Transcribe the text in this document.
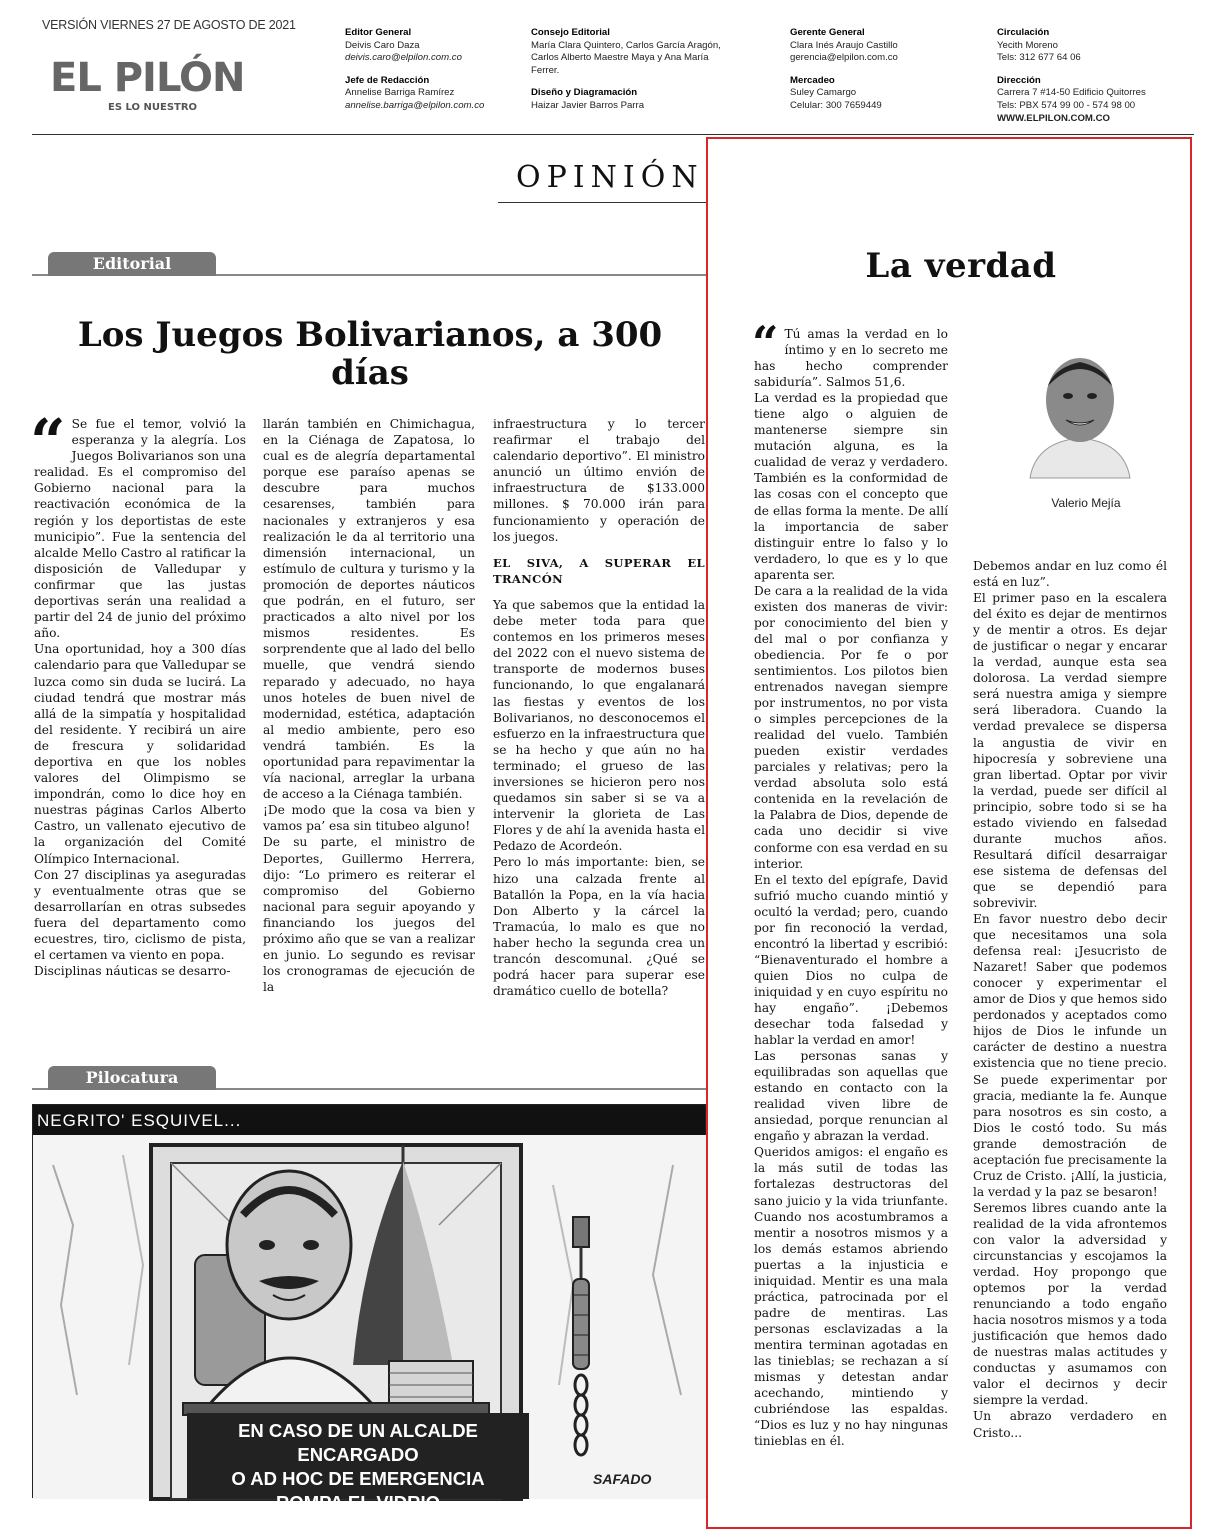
VERSIÓN VIERNES 27 DE AGOSTO DE 2021
EL PILÓN
ES LO NUESTRO
Editor General
Deivis Caro Daza
deivis.caro@elpilon.com.co
Jefe de Redacción
Annelise Barriga Ramírez
annelise.barriga@elpilon.com.co
Consejo Editorial
María Clara Quintero, Carlos García Aragón,
Carlos Alberto Maestre Maya y Ana María
Ferrer.
Diseño y Diagramación
Haizar Javier Barros Parra
Gerente General
Clara Inés Araujo Castillo
gerencia@elpilon.com.co
Mercadeo
Suley Camargo
Celular: 300 7659449
Circulación
Yecith Moreno
Tels: 312 677 64 06
Dirección
Carrera 7 #14-50 Edificio Quitorres
Tels: PBX 574 99 00 - 574 98 00
WWW.ELPILON.COM.CO
OPINIÓN
Editorial
Los Juegos Bolivarianos, a 300 días
“ Se fue el temor, volvió la esperanza y la alegría. Los Juegos Bolivarianos son una realidad. Es el compromiso del Gobierno nacional para la reactivación económica de la región y los deportistas de este municipio”. Fue la sentencia del alcalde Mello Castro al ratificar la disposición de Valledupar y confirmar que las justas deportivas serán una realidad a partir del 24 de junio del próximo año.

Una oportunidad, hoy a 300 días calendario para que Valledupar se luzca como sin duda se lucirá. La ciudad tendrá que mostrar más allá de la simpatía y hospitalidad del residente. Y recibirá un aire de frescura y solidaridad deportiva en que los nobles valores del Olimpismo se impondrán, como lo dice hoy en nuestras páginas Carlos Alberto Castro, un vallenato ejecutivo de la organización del Comité Olímpico Internacional.

Con 27 disciplinas ya aseguradas y eventualmente otras que se desarrollarían en otras subsedes fuera del departamento como ecuestres, tiro, ciclismo de pista, el certamen va viento en popa.

Disciplinas náuticas se desarro-

llarán también en Chimichagua, en la Ciénaga de Zapatosa, lo cual es de alegría departamental porque ese paraíso apenas se descubre para muchos cesarenses, también para nacionales y extranjeros y esa realización le da al territorio una dimensión internacional, un estímulo de cultura y turismo y la promoción de deportes náuticos que podrán, en el futuro, ser practicados a alto nivel por los mismos residentes. Es sorprendente que al lado del bello muelle, que vendrá siendo reparado y adecuado, no haya unos hoteles de buen nivel de modernidad, estética, adaptación al medio ambiente, pero eso vendrá también. Es la oportunidad para repavimentar la vía nacional, arreglar la urbana de acceso a la Ciénaga también.

¡De modo que la cosa va bien y vamos pa’ esa sin titubeo alguno!

De su parte, el ministro de Deportes, Guillermo Herrera, dijo: “Lo primero es reiterar el compromiso del Gobierno nacional para seguir apoyando y financiando los juegos del próximo año que se van a realizar en junio. Lo segundo es revisar los cronogramas de ejecución de la

infraestructura y lo tercer reafirmar el trabajo del calendario deportivo”. El ministro anunció un último envión de infraestructura de $133.000 millones. $ 70.000 irán para funcionamiento y operación de los juegos.

EL SIVA, A SUPERAR EL TRANCÓN

Ya que sabemos que la entidad la debe meter toda para que contemos en los primeros meses del 2022 con el nuevo sistema de transporte de modernos buses funcionando, lo que engalanará las fiestas y eventos de los Bolivarianos, no desconocemos el esfuerzo en la infraestructura que se ha hecho y que aún no ha terminado; el grueso de las inversiones se hicieron pero nos quedamos sin saber si se va a intervenir la glorieta de Las Flores y de ahí la avenida hasta el Pedazo de Acordeón.

Pero lo más importante: bien, se hizo una calzada frente al Batallón la Popa, en la vía hacia Don Alberto y la cárcel la Tramacúa, lo malo es que no haber hecho la segunda crea un trancón descomunal. ¿Qué se podrá hacer para superar ese dramático cuello de botella?

Pilocatura
NEGRITO' ESQUIVEL...
EN CASO DE UN ALCALDE ENCARGADO
O AD HOC DE EMERGENCIA
ROMPA EL VIDRIO
SAFADO
La verdad
Valerio Mejía
“ Tú amas la verdad en lo íntimo y en lo secreto me has hecho comprender sabiduría”. Salmos 51,6.

La verdad es la propiedad que tiene algo o alguien de mantenerse siempre sin mutación alguna, es la cualidad de veraz y verdadero. También es la conformidad de las cosas con el concepto que de ellas forma la mente. De allí la importancia de saber distinguir entre lo falso y lo verdadero, lo que es y lo que aparenta ser.

De cara a la realidad de la vida existen dos maneras de vivir: por conocimiento del bien y del mal o por confianza y obediencia. Por fe o por sentimientos. Los pilotos bien entrenados navegan siempre por instrumentos, no por vista o simples percepciones de la realidad del vuelo. También pueden existir verdades parciales y relativas; pero la verdad absoluta solo está contenida en la revelación de la Palabra de Dios, depende de cada uno decidir si vive conforme con esa verdad en su interior.

En el texto del epígrafe, David sufrió mucho cuando mintió y ocultó la verdad; pero, cuando por fin reconoció la verdad, encontró la libertad y escribió: “Bienaventurado el hombre a quien Dios no culpa de iniquidad y en cuyo espíritu no hay engaño”. ¡Debemos desechar toda falsedad y hablar la verdad en amor!

Las personas sanas y equilibradas son aquellas que estando en contacto con la realidad viven libre de ansiedad, porque renuncian al engaño y abrazan la verdad.

Queridos amigos: el engaño es la más sutil de todas las fortalezas destructoras del sano juicio y la vida triunfante. Cuando nos acostumbramos a mentir a nosotros mismos y a los demás estamos abriendo puertas a la injusticia e iniquidad. Mentir es una mala práctica, patrocinada por el padre de mentiras. Las personas esclavizadas a la mentira terminan agotadas en las tinieblas; se rechazan a sí mismas y detestan andar acechando, mintiendo y cubriéndose las espaldas. “Dios es luz y no hay ningunas tinieblas en él.

Debemos andar en luz como él está en luz”.

El primer paso en la escalera del éxito es dejar de mentirnos y de mentir a otros. Es dejar de justificar o negar y encarar la verdad, aunque esta sea dolorosa. La verdad siempre será nuestra amiga y siempre será liberadora. Cuando la verdad prevalece se dispersa la angustia de vivir en hipocresía y sobreviene una gran libertad. Optar por vivir la verdad, puede ser difícil al principio, sobre todo si se ha estado viviendo en falsedad durante muchos años. Resultará difícil desarraigar ese sistema de defensas del que se dependió para sobrevivir.

En favor nuestro debo decir que necesitamos una sola defensa real: ¡Jesucristo de Nazaret! Saber que podemos conocer y experimentar el amor de Dios y que hemos sido perdonados y aceptados como hijos de Dios le infunde un carácter de destino a nuestra existencia que no tiene precio. Se puede experimentar por gracia, mediante la fe. Aunque para nosotros es sin costo, a Dios le costó todo. Su más grande demostración de aceptación fue precisamente la Cruz de Cristo. ¡Allí, la justicia, la verdad y la paz se besaron!

Seremos libres cuando ante la realidad de la vida afrontemos con valor la adversidad y circunstancias y escojamos la verdad. Hoy propongo que optemos por la verdad renunciando a todo engaño hacia nosotros mismos y a toda justificación que hemos dado de nuestras malas actitudes y conductas y asumamos con valor el decirnos y decir siempre la verdad.

Un abrazo verdadero en Cristo...
